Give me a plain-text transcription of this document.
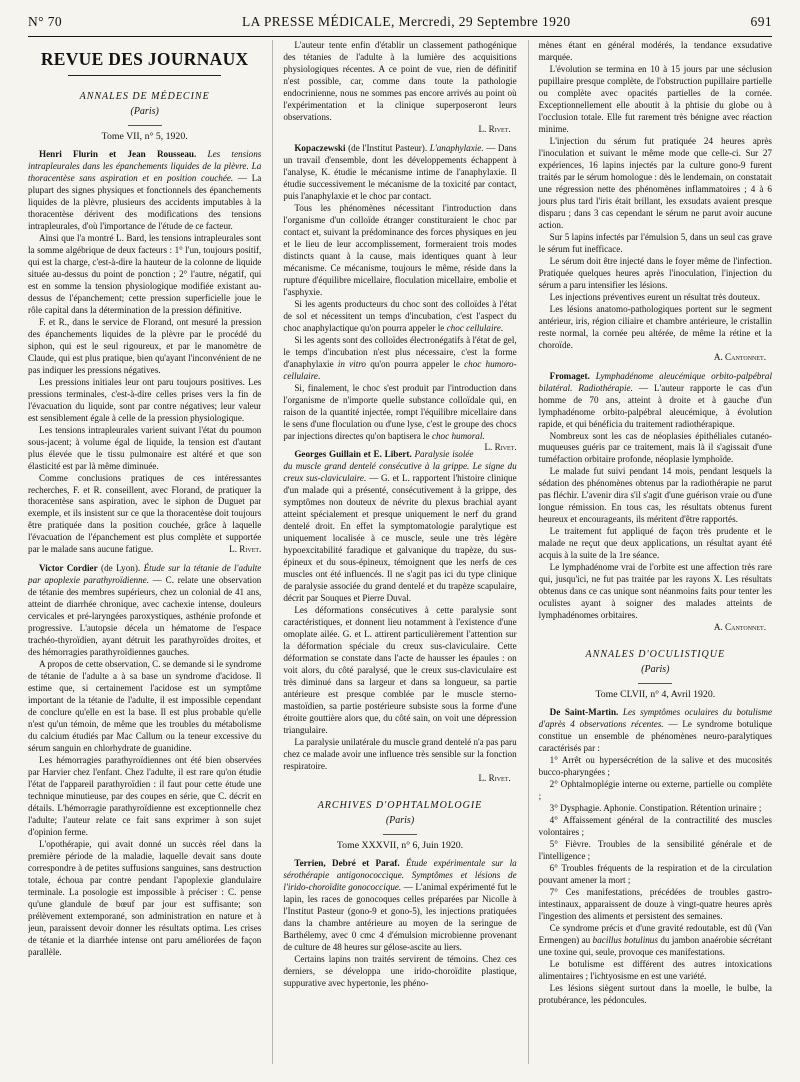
N° 70	LA PRESSE MÉDICALE, Mercredi, 29 Septembre 1920	691
REVUE DES JOURNAUX
ANNALES DE MÉDECINE
(Paris)
Tome VII, n° 5, 1920.

Henri Flurin et Jean Rousseau. Les tensions intrapleurales dans les épanchements liquides de la plèvre. La thoracentèse sans aspiration et en position couchée. — La plupart des signes physiques et fonctionnels des épanchements liquides de la plèvre, plusieurs des accidents imputables à la thoracentèse dérivent des modifications des tensions intrapleurales, d'où l'importance de l'étude de ce facteur.

Ainsi que l'a montré L. Bard, les tensions intrapleurales sont la somme algébrique de deux facteurs : 1° l'un, toujours positif, qui est la charge, c'est-à-dire la hauteur de la colonne de liquide située au-dessus du point de ponction ; 2° l'autre, négatif, qui est en somme la tension physiologique modifiée existant au-dessus de l'épanchement; cette pression superficielle joue le rôle capital dans la détermination de la pression définitive.

F. et R., dans le service de Florand, ont mesuré la pression des épanchements liquides de la plèvre par le procédé du siphon, qui est le seul rigoureux, et par le manomètre de Claude, qui est plus pratique, bien qu'ayant l'inconvénient de ne pas indiquer les pressions négatives.

Les pressions initiales leur ont paru toujours positives. Les pressions terminales, c'est-à-dire celles prises vers la fin de l'évacuation du liquide, sont par contre négatives; leur valeur est sensiblement égale à celle de la pression physiologique.

Les tensions intrapleurales varient suivant l'état du poumon sous-jacent; à volume égal de liquide, la tension est d'autant plus élevée que le tissu pulmonaire est altéré et que son élasticité est par là même diminuée.

Comme conclusions pratiques de ces intéressantes recherches, F. et R. conseillent, avec Florand, de pratiquer la thoracentèse sans aspiration, avec le siphon de Duguet par exemple, et ils insistent sur ce que la thoracentèse doit toujours être pratiquée dans la position couchée, grâce à laquelle l'évacuation de l'épanchement est plus complète et supportée par le malade sans aucune fatigue.	L. Rivet.

Victor Cordier (de Lyon). Étude sur la tétanie de l'adulte par apoplexie parathyroïdienne. — C. relate une observation de tétanie des membres supérieurs, chez un colonial de 41 ans, atteint de diarrhée chronique, avec cachexie intense, douleurs cervicales et pré-laryngées paroxystiques, asthénie profonde et progressive. L'autopsie décela un hématome de l'espace trachéo-thyroïdien, ayant détruit les parathyroïdes droites, et des hémorragies parathyroïdiennes gauches.

A propos de cette observation, C. se demande si le syndrome de tétanie de l'adulte a à sa base un syndrome d'acidose. Il estime que, si certainement l'acidose est un symptôme important de la tétanie de l'adulte, il est impossible cependant de conclure qu'elle en est la base. Il est plus probable qu'elle n'est qu'un témoin, de même que les troubles du métabolisme du calcium étudiés par Mac Callum ou la teneur excessive du sérum sanguin en chlorhydrate de guanidine.

Les hémorragies parathyroïdiennes ont été bien observées par Harvier chez l'enfant. Chez l'adulte, il est rare qu'on étudie l'état de l'appareil parathyroïdien : il faut pour cette étude une technique minutieuse, par des coupes en série, que C. décrit en détails. L'hémorragie parathyroïdienne est exceptionnelle chez l'adulte; l'auteur relate ce fait sans exprimer à son sujet d'opinion ferme.

L'opothérapie, qui avait donné un succès réel dans la première période de la maladie, laquelle devait sans doute correspondre à de petites suffusions sanguines, sans destruction totale, échoua par contre pendant l'apoplexie glandulaire terminale. La posologie est impossible à préciser : C. pense qu'une glandule de bœuf par jour est suffisante; son prélèvement extemporané, son administration en nature et à jeun, paraissent devoir donner les résultats optima. Les crises de tétanie et la diarrhée intense ont paru améliorées de façon parallèle.

L'auteur tente enfin d'établir un classement pathogénique des tétanies de l'adulte à la lumière des acquisitions physiologiques récentes. A ce point de vue, rien de définitif n'est possible, car, comme dans toute la pathologie endocrinienne, nous ne sommes pas encore arrivés au point où l'expérimentation et la clinique superposeront leurs observations.

L. Rivet.

Kopaczewski (de l'Institut Pasteur). L'anaphylaxie. — Dans un travail d'ensemble, dont les développements échappent à l'analyse, K. étudie le mécanisme intime de l'anaphylaxie. Il étudie successivement le mécanisme de la toxicité par contact, puis l'anaphylaxie et le choc par contact.

Tous les phénomènes nécessitant l'introduction dans l'organisme d'un colloïde étranger constituraient le choc par contact et, suivant la prédominance des forces physiques en jeu et le lieu de leur accomplissement, formeraient trois modes distincts quant à la cause, mais identiques quant à leur mécanisme. Ce mécanisme, toujours le même, réside dans la rupture d'équilibre micellaire, floculation micellaire, embolie et l'asphyxie.

Si les agents producteurs du choc sont des colloïdes à l'état de sol et nécessitent un temps d'incubation, c'est l'aspect du choc anaphylactique qu'on pourra appeler le choc cellulaire.

Si les agents sont des colloïdes électronégatifs à l'état de gel, le temps d'incubation n'est plus nécessaire, c'est la forme d'anaphylaxie in vitro qu'on pourra appeler le choc humoro-cellulaire.

Si, finalement, le choc s'est produit par l'introduction dans l'organisme de n'importe quelle substance colloïdale qui, en raison de la quantité injectée, rompt l'équilibre micellaire dans le sens d'une floculation ou d'une lyse, c'est le groupe des chocs par injections directes qu'on baptisera le choc humoral.
L. Rivet.

Georges Guillain et E. Libert. Paralysie isolée du muscle grand dentelé consécutive à la grippe. Le signe du creux sus-claviculaire. — G. et L. rapportent l'histoire clinique d'un malade qui a présenté, consécutivement à la grippe, des symptômes non douteux de névrite du plexus brachial ayant atteint spécialement et presque uniquement le nerf du grand dentelé droit. En effet la symptomatologie paralytique est uniquement localisée à ce muscle, seule une très légère hypoexcitabilité faradique et galvanique du trapèze, du sus-épineux et du sous-épineux, témoignent que les nerfs de ces muscles ont été influencés. Il ne s'agit pas ici du type clinique de paralysie associée du grand dentelé et du trapèze scapulaire, décrit par Souques et Pierre Duval.

Les déformations consécutives à cette paralysie sont caractéristiques, et donnent lieu notamment à l'existence d'une omoplate ailée. G. et L. attirent particulièrement l'attention sur la déformation spéciale du creux sus-claviculaire. Cette déformation se constate dans l'acte de hausser les épaules : on voit alors, du côté paralysé, que le creux sus-claviculaire est très diminué dans sa largeur et dans sa longueur, sa partie antérieure est presque comblée par le muscle sterno-mastoïdien, sa partie postérieure subsiste sous la forme d'une étroite gouttière alors que, du côté sain, on voit une dépression triangulaire.

La paralysie unilatérale du muscle grand dentelé n'a pas paru chez ce malade avoir une influence très sensible sur la fonction respiratoire.

L. Rivet.
ARCHIVES D'OPHTALMOLOGIE
(Paris)
Tome XXXVII, n° 6, Juin 1920.

Terrien, Debré et Paraf. Étude expérimentale sur la sérothérapie antigonococcique. Symptômes et lésions de l'irido-choroïdite gonococcique. — L'animal expérimenté fut le lapin, les races de gonocoques celles préparées par Nicolle à l'Institut Pasteur (gono-9 et gono-5), les injections pratiquées dans la chambre antérieure au moyen de la seringue de Barthélemy, avec 0 cmc 4 d'émulsion microbienne provenant de culture de 48 heures sur gélose-ascite au liers.

Certains lapins non traités servirent de témoins. Chez ces derniers, se développa une irido-choroïdite plastique, suppurative avec hypertonie, les phéno-

mènes étant en général modérés, la tendance exsudative marquée.

L'évolution se termina en 10 à 15 jours par une séclusion pupillaire presque complète, de l'obstruction pupillaire partielle ou complète avec opacités partielles de la cornée. Exceptionnellement elle aboutit à la phtisie du globe ou à l'occlusion totale. Elle fut rarement très bénigne avec réaction minime.

L'injection du sérum fut pratiquée 24 heures après l'inoculation et suivant le même mode que celle-ci. Sur 27 expériences, 16 lapins injectés par la culture gono-9 furent traités par le sérum homologue : dès le lendemain, on constatait une régression nette des phénomènes inflammatoires ; 4 à 6 jours plus tard l'iris était brillant, les exsudats avaient presque disparu ; dans 3 cas cependant le sérum ne parut avoir aucune action.

Sur 5 lapins infectés par l'émulsion 5, dans un seul cas grave le sérum fut inefficace.

Le sérum doit être injecté dans le foyer même de l'infection. Pratiquée quelques heures après l'inoculation, l'injection du sérum a paru intensifier les lésions.

Les injections préventives eurent un résultat très douteux.

Les lésions anatomo-pathologiques portent sur le segment antérieur, iris, région ciliaire et chambre antérieure, le cristallin reste normal, la cornée peu altérée, de même la rétine et la choroïde.

A. Cantonnet.

Fromaget. Lymphadénome aleucémique orbito-palpébral bilatéral. Radiothérapie. — L'auteur rapporte le cas d'un homme de 70 ans, atteint à droite et à gauche d'un lymphadénome orbito-palpébral aleucémique, à évolution rapide, et qui bénéficia du traitement radiothérapique.

Nombreux sont les cas de néoplasies épithéliales cutanéo-muqueuses guéris par ce traitement, mais là il s'agissait d'une tuméfaction orbitaire profonde, néoplasie lymphoïde.

Le malade fut suivi pendant 14 mois, pendant lesquels la sédation des phénomènes obtenus par la radiothérapie ne parut pas fléchir. L'avenir dira s'il s'agit d'une guérison vraie ou d'une longue rémission. En tous cas, les résultats obtenus furent heureux et encourageants, ils méritent d'être rapportés.

Le traitement fut appliqué de façon très prudente et le malade ne reçut que deux applications, un résultat ayant été acquis à la suite de la 1re séance.

Le lymphadénome vrai de l'orbite est une affection très rare qui, jusqu'ici, ne fut pas traitée par les rayons X. Les résultats obtenus dans ce cas unique sont néanmoins faits pour tenter les oculistes ayant à soigner des malades atteints de lymphadénomes orbitaires.

A. Cantonnet.
ANNALES D'OCULISTIQUE
(Paris)
Tome CLVII, n° 4, Avril 1920.

De Saint-Martin. Les symptômes oculaires du botulisme d'après 4 observations récentes. — Le syndrome botulique constitue un ensemble de phénomènes neuro-paralytiques caractérisés par :

1° Arrêt ou hypersécrétion de la salive et des mucosités bucco-pharyngées ;

2° Ophtalmoplégie interne ou externe, partielle ou complète ;

3° Dysphagie. Aphonie. Constipation. Rétention urinaire ;

4° Affaissement général de la contractilité des muscles volontaires ;

5° Fièvre. Troubles de la sensibilité générale et de l'intelligence ;

6° Troubles fréquents de la respiration et de la circulation pouvant amener la mort ;

7° Ces manifestations, précédées de troubles gastro-intestinaux, apparaissent de douze à vingt-quatre heures après l'ingestion des aliments et persistent des semaines.

Ce syndrome précis et d'une gravité redoutable, est dû (Van Ermengen) au bacillus botulinus du jambon anaérobie sécrétant une toxine qui, seule, provoque ces manifestations.

Le botulisme est différent des autres intoxications alimentaires ; l'ichtyosisme en est une variété.

Les lésions siègent surtout dans la moelle, le bulbe, la protubérance, les pédoncules.
